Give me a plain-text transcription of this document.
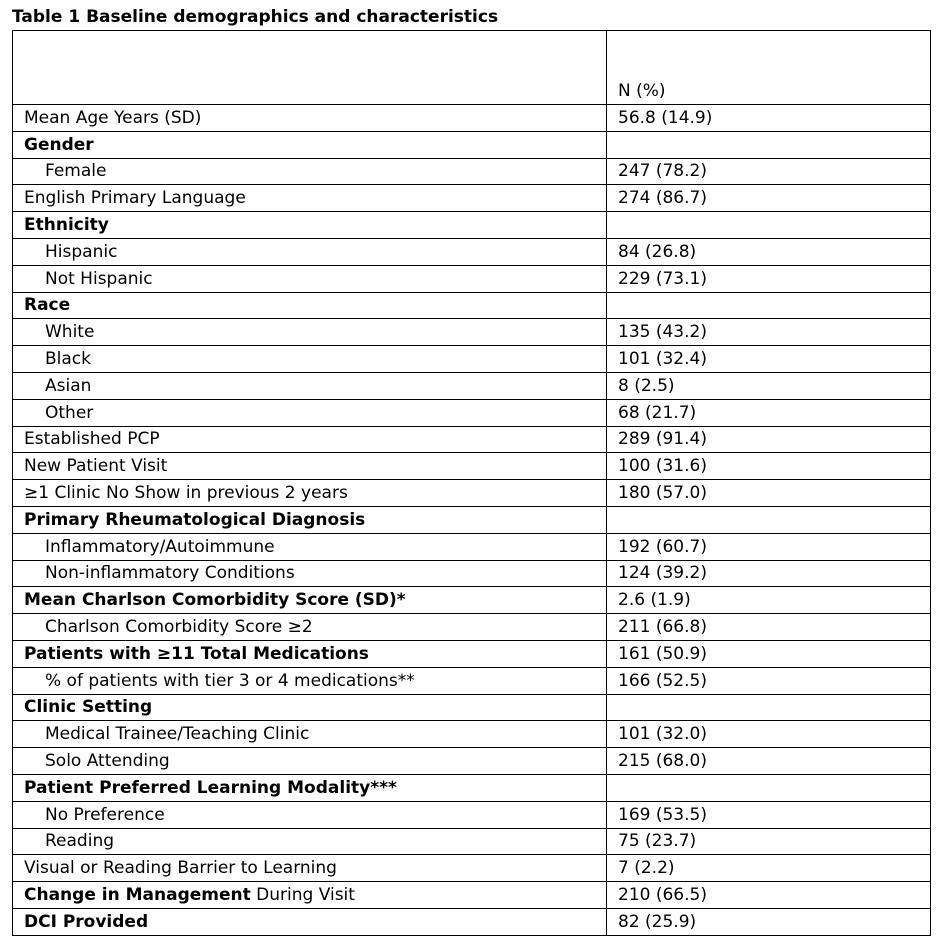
Table 1 Baseline demographics and characteristics
	N (%)
Mean Age Years (SD)	56.8 (14.9)
Gender	
Female	247 (78.2)
English Primary Language	274 (86.7)
Ethnicity	
Hispanic	84 (26.8)
Not Hispanic	229 (73.1)
Race	
White	135 (43.2)
Black	101 (32.4)
Asian	8 (2.5)
Other	68 (21.7)
Established PCP	289 (91.4)
New Patient Visit	100 (31.6)
≥1 Clinic No Show in previous 2 years	180 (57.0)
Primary Rheumatological Diagnosis	
Inflammatory/Autoimmune	192 (60.7)
Non-inflammatory Conditions	124 (39.2)
Mean Charlson Comorbidity Score (SD)*	2.6 (1.9)
Charlson Comorbidity Score ≥2	211 (66.8)
Patients with ≥11 Total Medications	161 (50.9)
% of patients with tier 3 or 4 medications**	166 (52.5)
Clinic Setting	
Medical Trainee/Teaching Clinic	101 (32.0)
Solo Attending	215 (68.0)
Patient Preferred Learning Modality***	
No Preference	169 (53.5)
Reading	75 (23.7)
Visual or Reading Barrier to Learning	7 (2.2)
Change in Management During Visit	210 (66.5)
DCI Provided	82 (25.9)
